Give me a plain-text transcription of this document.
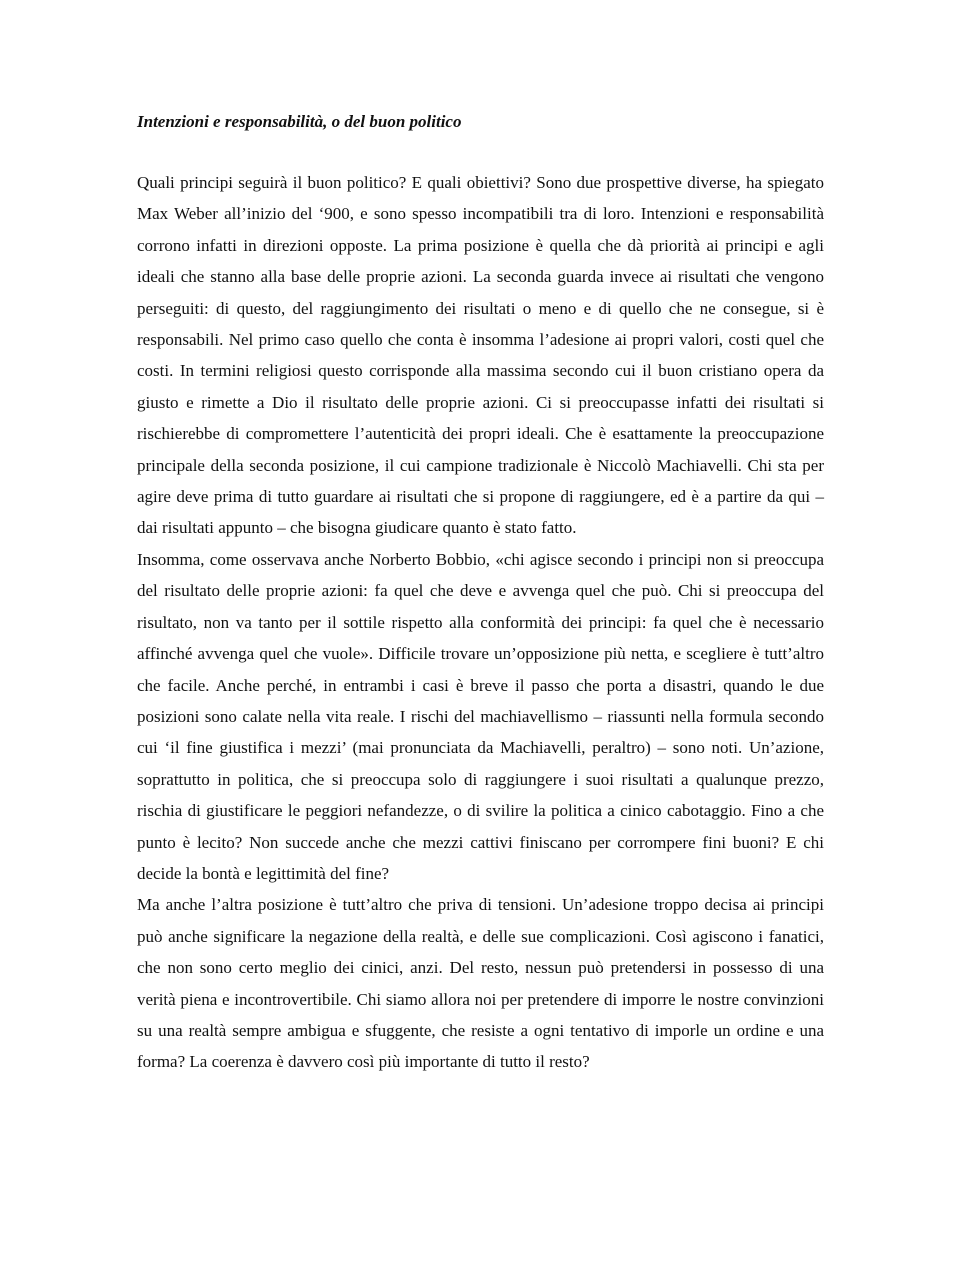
Intenzioni e responsabilità, o del buon politico

Quali principi seguirà il buon politico? E quali obiettivi? Sono due prospettive diverse, ha spiegato Max Weber all’inizio del ‘900, e sono spesso incompatibili tra di loro. Intenzioni e responsabilità corrono infatti in direzioni opposte. La prima posizione è quella che dà priorità ai principi e agli ideali che stanno alla base delle proprie azioni. La seconda guarda invece ai risultati che vengono perseguiti: di questo, del raggiungimento dei risultati o meno e di quello che ne consegue, si è responsabili. Nel primo caso quello che conta è insomma l’adesione ai propri valori, costi quel che costi. In termini religiosi questo corrisponde alla massima secondo cui il buon cristiano opera da giusto e rimette a Dio il risultato delle proprie azioni. Ci si preoccupasse infatti dei risultati si rischierebbe di compromettere l’autenticità dei propri ideali. Che è esattamente la preoccupazione principale della seconda posizione, il cui campione tradizionale è Niccolò Machiavelli. Chi sta per agire deve prima di tutto guardare ai risultati che si propone di raggiungere, ed è a partire da qui – dai risultati appunto – che bisogna giudicare quanto è stato fatto.

Insomma, come osservava anche Norberto Bobbio, «chi agisce secondo i principi non si preoccupa del risultato delle proprie azioni: fa quel che deve e avvenga quel che può. Chi si preoccupa del risultato, non va tanto per il sottile rispetto alla conformità dei principi: fa quel che è necessario affinché avvenga quel che vuole». Difficile trovare un’opposizione più netta, e scegliere è tutt’altro che facile. Anche perché, in entrambi i casi è breve il passo che porta a disastri, quando le due posizioni sono calate nella vita reale. I rischi del machiavellismo – riassunti nella formula secondo cui ‘il fine giustifica i mezzi’ (mai pronunciata da Machiavelli, peraltro) – sono noti. Un’azione, soprattutto in politica, che si preoccupa solo di raggiungere i suoi risultati a qualunque prezzo, rischia di giustificare le peggiori nefandezze, o di svilire la politica a cinico cabotaggio. Fino a che punto è lecito? Non succede anche che mezzi cattivi finiscano per corrompere fini buoni? E chi decide la bontà e legittimità del fine?

Ma anche l’altra posizione è tutt’altro che priva di tensioni. Un’adesione troppo decisa ai principi può anche significare la negazione della realtà, e delle sue complicazioni. Così agiscono i fanatici, che non sono certo meglio dei cinici, anzi. Del resto, nessun può pretendersi in possesso di una verità piena e incontrovertibile. Chi siamo allora noi per pretendere di imporre le nostre convinzioni su una realtà sempre ambigua e sfuggente, che resiste a ogni tentativo di imporle un ordine e una forma? La coerenza è davvero così più importante di tutto il resto?
